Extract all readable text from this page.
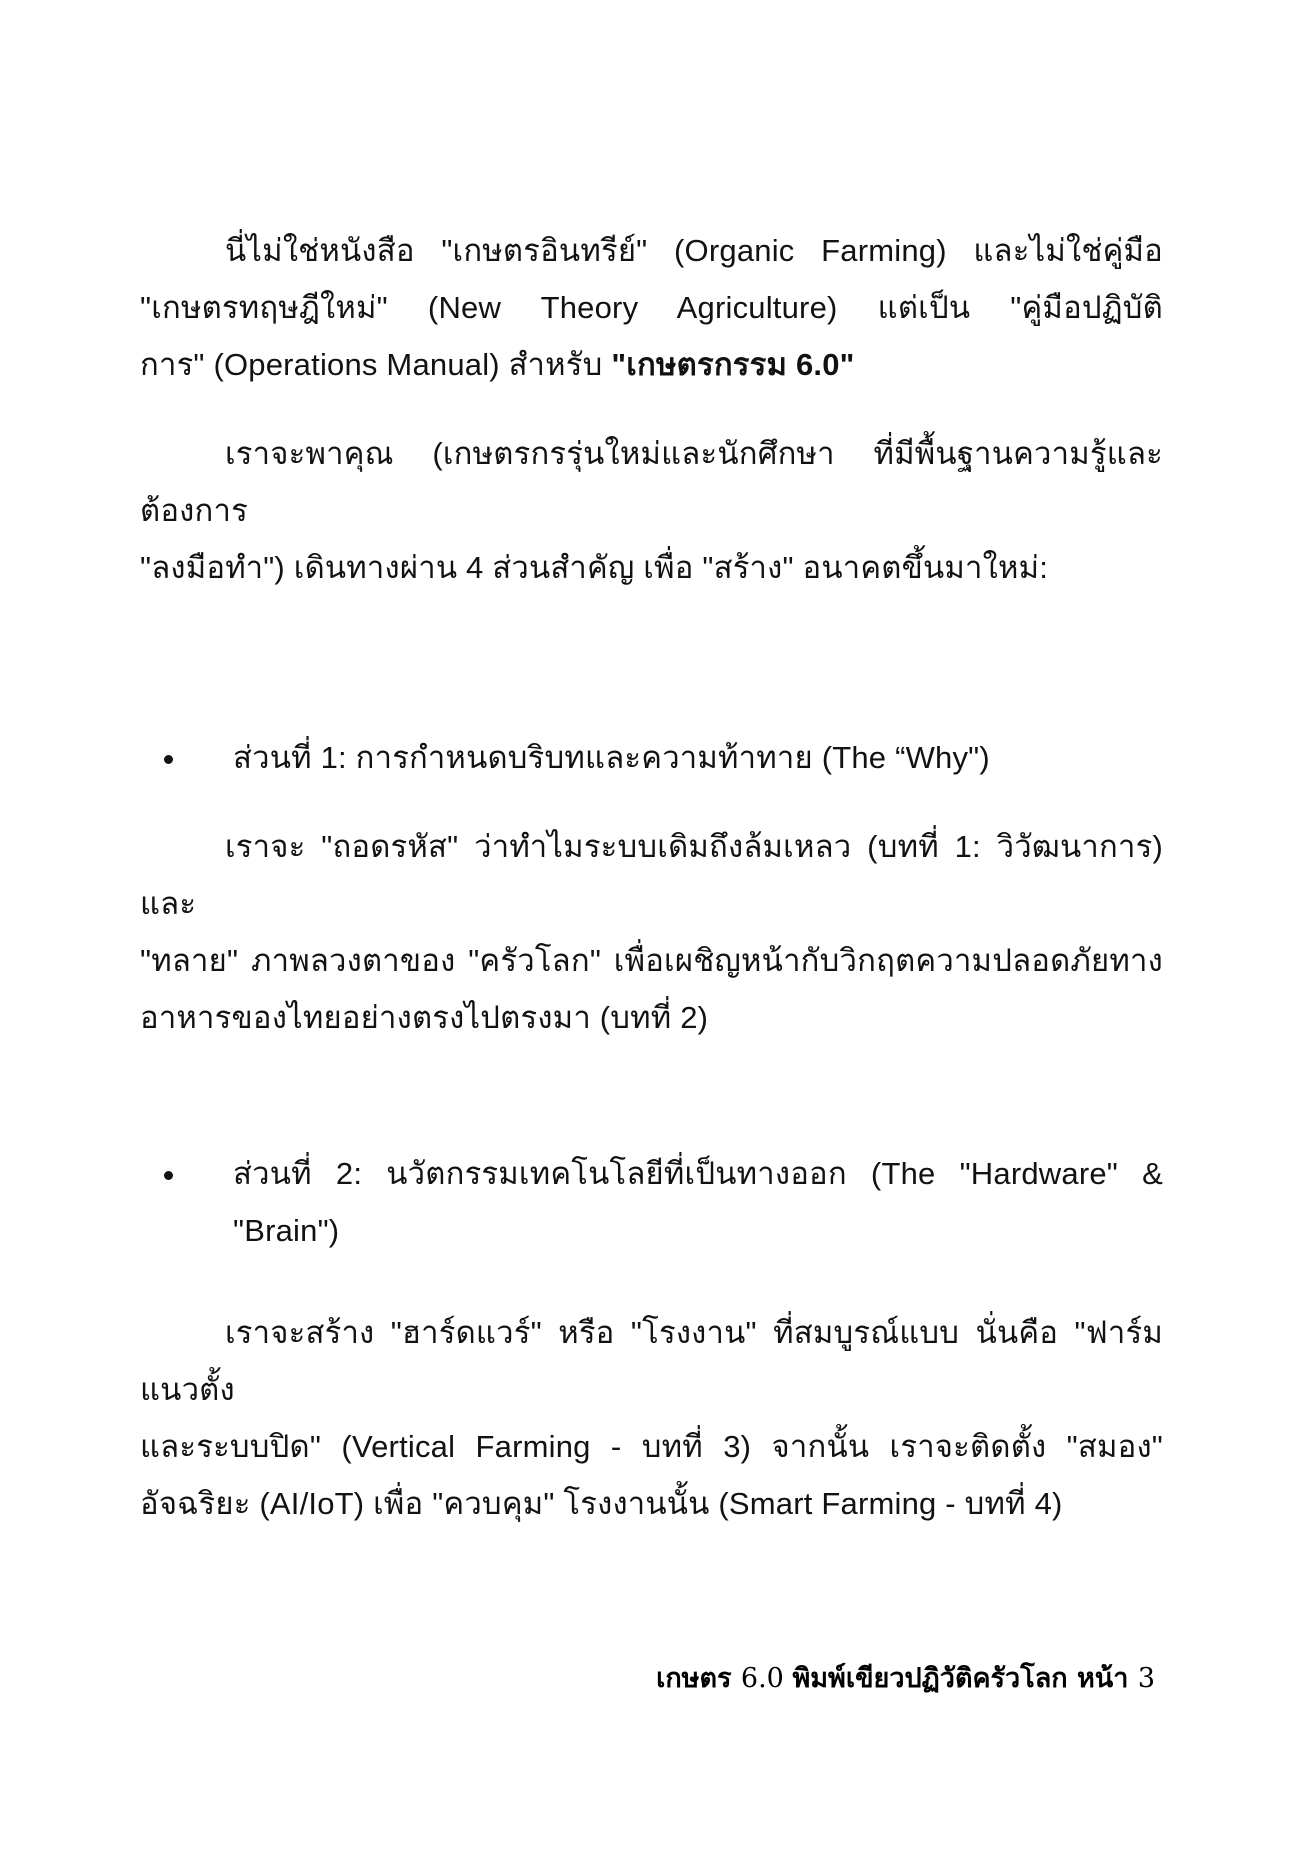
นี่ไม่ใช่หนังสือ "เกษตรอินทรีย์" (Organic Farming) และไม่ใช่คู่มือ
"เกษตรทฤษฎีใหม่" (New Theory Agriculture) แต่เป็น "คู่มือปฏิบัติ
การ" (Operations Manual) สำหรับ "เกษตรกรรม 6.0"
เราจะพาคุณ (เกษตรกรรุ่นใหม่และนักศึกษา ที่มีพื้นฐานความรู้และต้องการ
"ลงมือทำ") เดินทางผ่าน 4 ส่วนสำคัญ เพื่อ "สร้าง" อนาคตขึ้นมาใหม่:
ส่วนที่ 1: การกำหนดบริบทและความท้าทาย (The “Why")
เราจะ "ถอดรหัส" ว่าทำไมระบบเดิมถึงล้มเหลว (บทที่ 1: วิวัฒนาการ) และ
"ทลาย" ภาพลวงตาของ "ครัวโลก" เพื่อเผชิญหน้ากับวิกฤตความปลอดภัยทาง
อาหารของไทยอย่างตรงไปตรงมา (บทที่ 2)
ส่วนที่ 2: นวัตกรรมเทคโนโลยีที่เป็นทางออก (The "Hardware" &
"Brain")
เราจะสร้าง "ฮาร์ดแวร์" หรือ "โรงงาน" ที่สมบูรณ์แบบ นั่นคือ "ฟาร์มแนวตั้ง
และระบบปิด" (Vertical Farming - บทที่ 3) จากนั้น เราจะติดตั้ง "สมอง"
อัจฉริยะ (AI/IoT) เพื่อ "ควบคุม" โรงงานนั้น (Smart Farming - บทที่ 4)
เกษตร 6.0 พิมพ์เขียวปฏิวัติครัวโลก หน้า 3
